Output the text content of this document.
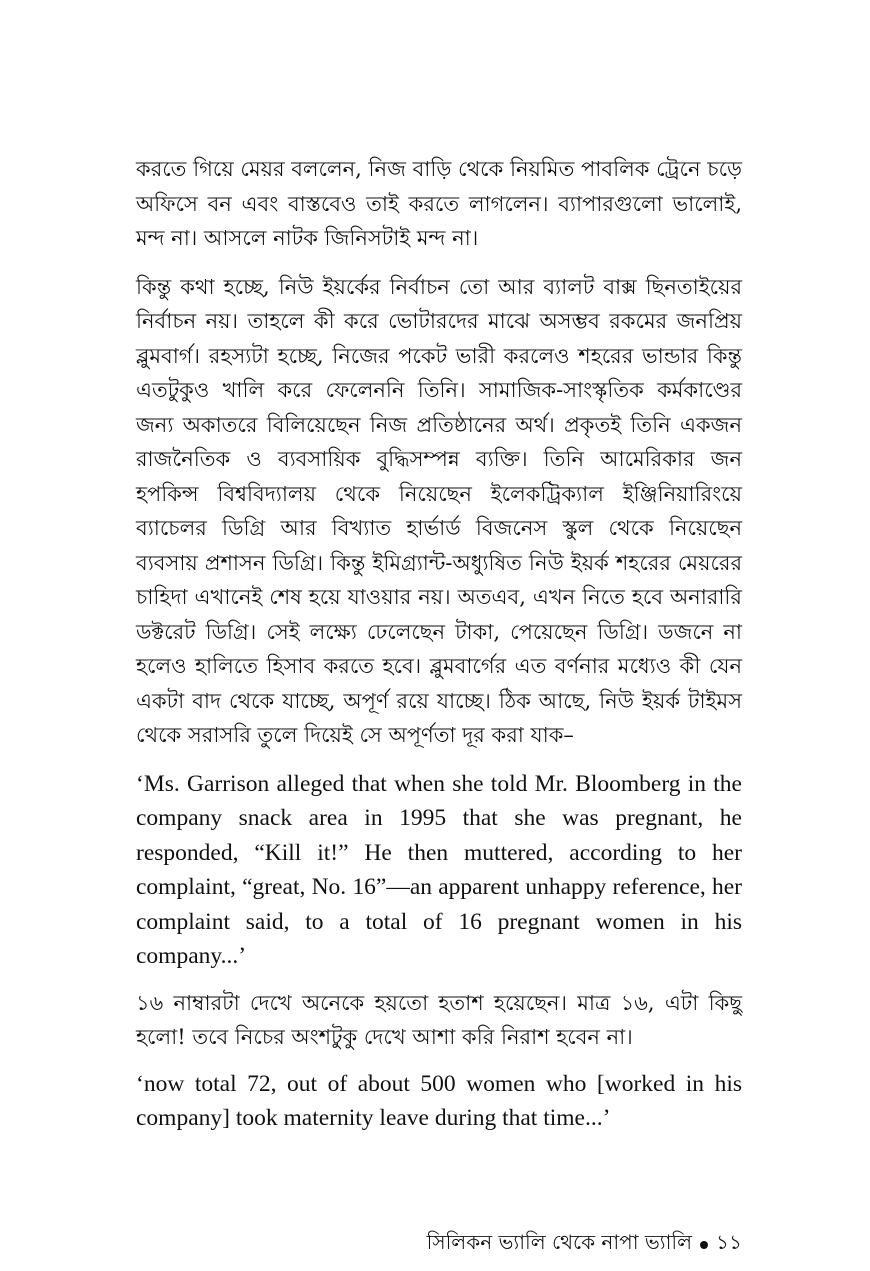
করতে গিয়ে মেয়র বললেন, নিজ বাড়ি থেকে নিয়মিত পাবলিক ট্রেনে চড়ে অফিসে বন এবং বাস্তবেও তাই করতে লাগলেন। ব্যাপারগুলো ভালোই, মন্দ না। আসলে নাটক জিনিসটাই মন্দ না।

কিন্তু কথা হচ্ছে, নিউ ইয়র্কের নির্বাচন তো আর ব্যালট বাক্স ছিনতাইয়ের নির্বাচন নয়। তাহলে কী করে ভোটারদের মাঝে অসম্ভব রকমের জনপ্রিয় ব্লুমবার্গ। রহস্যটা হচ্ছে, নিজের পকেট ভারী করলেও শহরের ভান্ডার কিন্তু এতটুকুও খালি করে ফেলেননি তিনি। সামাজিক-সাংস্কৃতিক কর্মকাণ্ডের জন্য অকাতরে বিলিয়েছেন নিজ প্রতিষ্ঠানের অর্থ। প্রকৃতই তিনি একজন রাজনৈতিক ও ব্যবসায়িক বুদ্ধিসম্পন্ন ব্যক্তি। তিনি আমেরিকার জন হপকিন্স বিশ্ববিদ্যালয় থেকে নিয়েছেন ইলেকট্রিক্যাল ইঞ্জিনিয়ারিংয়ে ব্যাচেলর ডিগ্রি আর বিখ্যাত হার্ভার্ড বিজনেস স্কুল থেকে নিয়েছেন ব্যবসায় প্রশাসন ডিগ্রি। কিন্তু ইমিগ্র্যান্ট-অধ্যুষিত নিউ ইয়র্ক শহরের মেয়রের চাহিদা এখানেই শেষ হয়ে যাওয়ার নয়। অতএব, এখন নিতে হবে অনারারি ডক্টরেট ডিগ্রি। সেই লক্ষ্যে ঢেলেছেন টাকা, পেয়েছেন ডিগ্রি। ডজনে না হলেও হালিতে হিসাব করতে হবে। ব্লুমবার্গের এত বর্ণনার মধ্যেও কী যেন একটা বাদ থেকে যাচ্ছে, অপূর্ণ রয়ে যাচ্ছে। ঠিক আছে, নিউ ইয়র্ক টাইমস থেকে সরাসরি তুলে দিয়েই সে অপূর্ণতা দূর করা যাক–

‘Ms. Garrison alleged that when she told Mr. Bloomberg in the company snack area in 1995 that she was pregnant, he responded, “Kill it!” He then muttered, according to her complaint, “great, No. 16”—an apparent unhappy reference, her complaint said, to a total of 16 pregnant women in his company...’

১৬ নাম্বারটা দেখে অনেকে হয়তো হতাশ হয়েছেন। মাত্র ১৬, এটা কিছু হলো! তবে নিচের অংশটুকু দেখে আশা করি নিরাশ হবেন না।

‘now total 72, out of about 500 women who [worked in his company] took maternity leave during that time...’

সিলিকন ভ্যালি থেকে নাপা ভ্যালি ১১
